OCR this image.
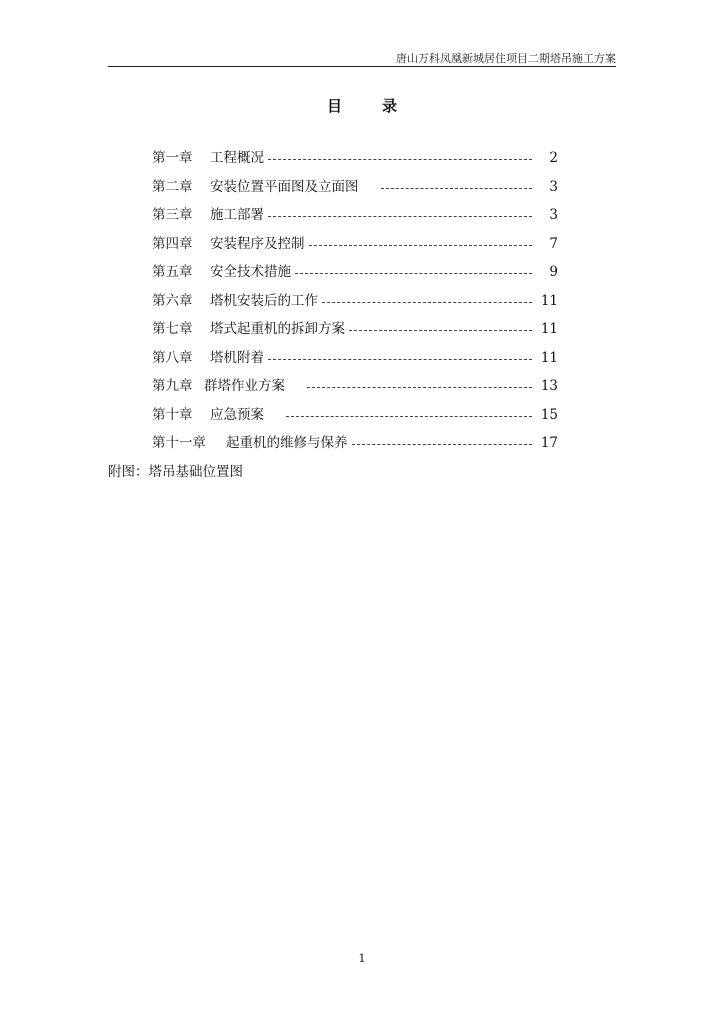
唐山万科凤凰新城居住项目二期塔吊施工方案
目	录
第一章	工程概况	2
第二章	安装位置平面图及立面图	3
第三章	施工部署	3
第四章	安装程序及控制	7
第五章	安全技术措施	9
第六章	塔机安装后的工作	11
第七章	塔式起重机的拆卸方案	11
第八章	塔机附着	11
第九章 群塔作业方案	13
第十章	应急预案	15
第十一章	起重机的维修与保养	17
附图：塔吊基础位置图
1
